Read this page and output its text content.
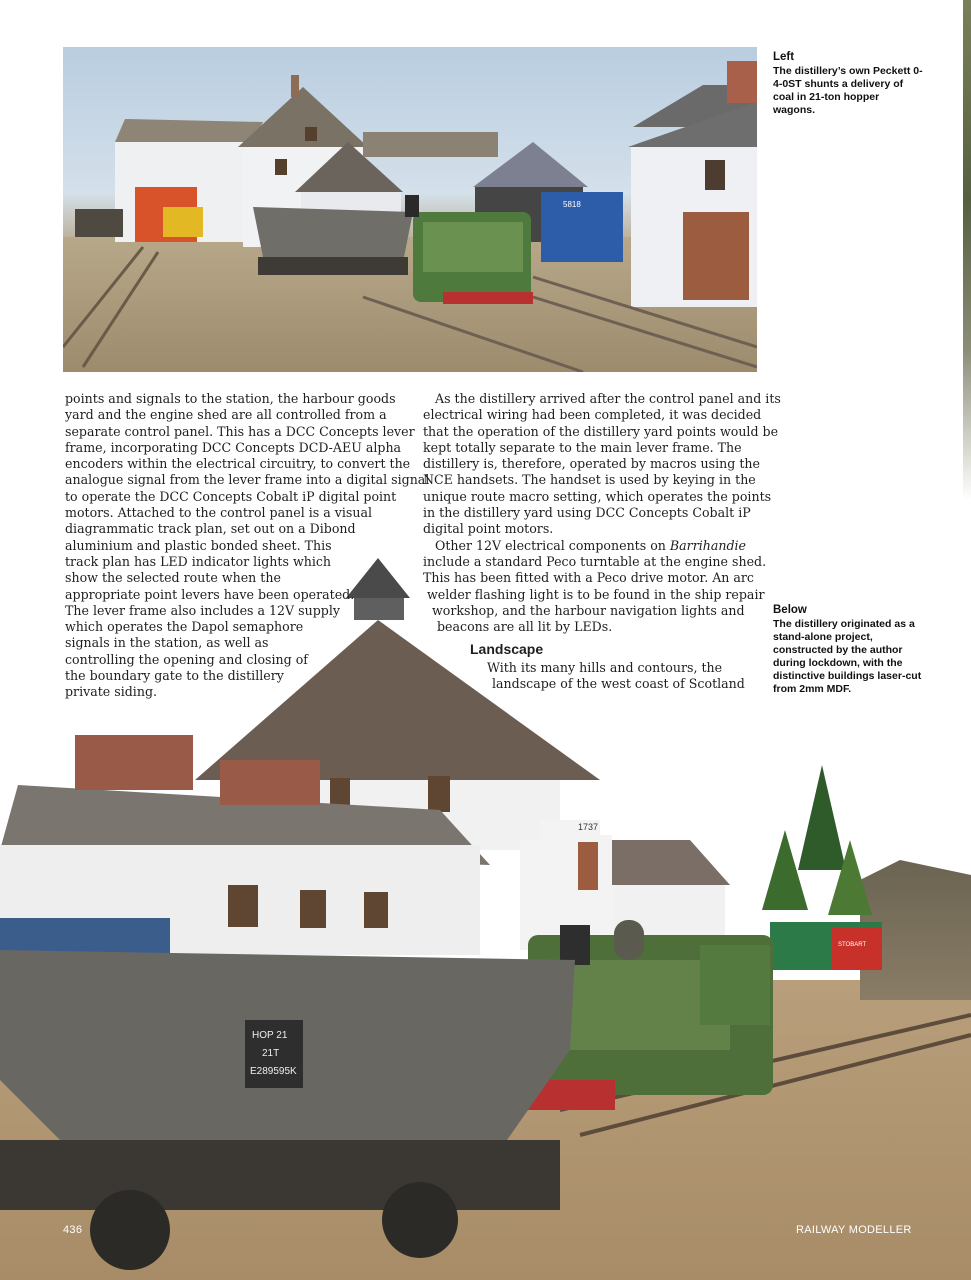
5818
Left
The distillery’s own Peckett 0-4-0ST shunts a delivery of coal in 21-ton hopper wagons.
Below
The distillery originated as a stand-alone project, constructed by the author during lockdown, with the distinctive buildings laser-cut from 2mm MDF.
1737
STOBART
HOP 21 21T E289595K

points and signals to the station, the harbour goods
yard and the engine shed are all controlled from a
separate control panel. This has a DCC Concepts lever
frame, incorporating DCC Concepts DCD-AEU alpha
encoders within the electrical circuitry, to convert the
analogue signal from the lever frame into a digital signal
to operate the DCC Concepts Cobalt iP digital point
motors. Attached to the control panel is a visual
diagrammatic track plan, set out on a Dibond
aluminium and plastic bonded sheet. This
track plan has LED indicator lights which
show the selected route when the
appropriate point levers have been operated.
The lever frame also includes a 12V supply
which operates the Dapol semaphore
signals in the station, as well as
controlling the opening and closing of
the boundary gate to the distillery
private siding.

As the distillery arrived after the control panel and its
electrical wiring had been completed, it was decided
that the operation of the distillery yard points would be
kept totally separate to the main lever frame. The
distillery is, therefore, operated by macros using the
NCE handsets. The handset is used by keying in the
unique route macro setting, which operates the points
in the distillery yard using DCC Concepts Cobalt iP
digital point motors.

Other 12V electrical components on Barrihandie
include a standard Peco turntable at the engine shed.
This has been fitted with a Peco drive motor. An arc
welder flashing light is to be found in the ship repair
workshop, and the harbour navigation lights and
beacons are all lit by LEDs.

Landscape

With its many hills and contours, the
landscape of the west coast of Scotland

436	RAILWAY MODELLER
